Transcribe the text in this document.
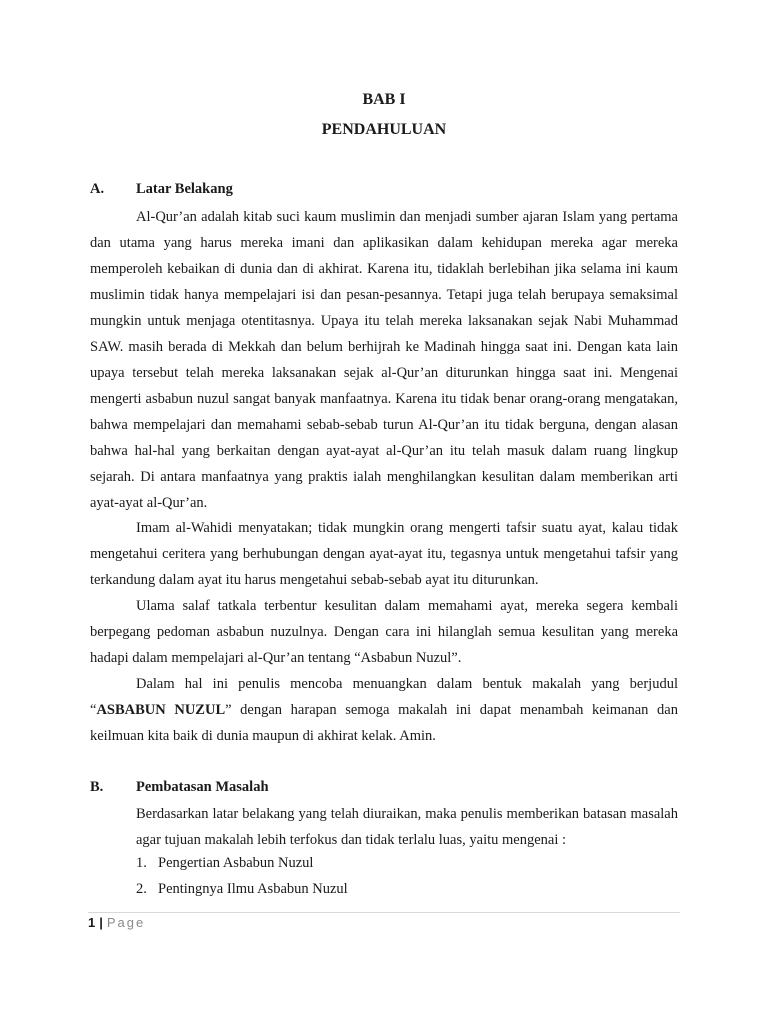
BAB I
PENDAHULUAN
A. Latar Belakang

Al-Qur’an adalah kitab suci kaum muslimin dan menjadi sumber ajaran Islam yang pertama dan utama yang harus mereka imani dan aplikasikan dalam kehidupan mereka agar mereka memperoleh kebaikan di dunia dan di akhirat. Karena itu, tidaklah berlebihan jika selama ini kaum muslimin tidak hanya mempelajari isi dan pesan-pesannya. Tetapi juga telah berupaya semaksimal mungkin untuk menjaga otentitasnya. Upaya itu telah mereka laksanakan sejak Nabi Muhammad SAW. masih berada di Mekkah dan belum berhijrah ke Madinah hingga saat ini. Dengan kata lain upaya tersebut telah mereka laksanakan sejak al-Qur’an diturunkan hingga saat ini. Mengenai mengerti asbabun nuzul sangat banyak manfaatnya. Karena itu tidak benar orang-orang mengatakan, bahwa mempelajari dan memahami sebab-sebab turun Al-Qur’an itu tidak berguna, dengan alasan bahwa hal-hal yang berkaitan dengan ayat-ayat al-Qur’an itu telah masuk dalam ruang lingkup sejarah. Di antara manfaatnya yang praktis ialah menghilangkan kesulitan dalam memberikan arti ayat-ayat al-Qur’an.

Imam al-Wahidi menyatakan; tidak mungkin orang mengerti tafsir suatu ayat, kalau tidak mengetahui ceritera yang berhubungan dengan ayat-ayat itu, tegasnya untuk mengetahui tafsir yang terkandung dalam ayat itu harus mengetahui sebab-sebab ayat itu diturunkan.

Ulama salaf tatkala terbentur kesulitan dalam memahami ayat, mereka segera kembali berpegang pedoman asbabun nuzulnya. Dengan cara ini hilanglah semua kesulitan yang mereka hadapi dalam mempelajari al-Qur’an tentang “Asbabun Nuzul”.

Dalam hal ini penulis mencoba menuangkan dalam bentuk makalah yang berjudul “ASBABUN NUZUL” dengan harapan semoga makalah ini dapat menambah keimanan dan keilmuan kita baik di dunia maupun di akhirat kelak. Amin.

B. Pembatasan Masalah

Berdasarkan latar belakang yang telah diuraikan, maka penulis memberikan batasan masalah agar tujuan makalah lebih terfokus dan tidak terlalu luas, yaitu mengenai :

1. Pengertian Asbabun Nuzul
2. Pentingnya Ilmu Asbabun Nuzul
1 | Page
